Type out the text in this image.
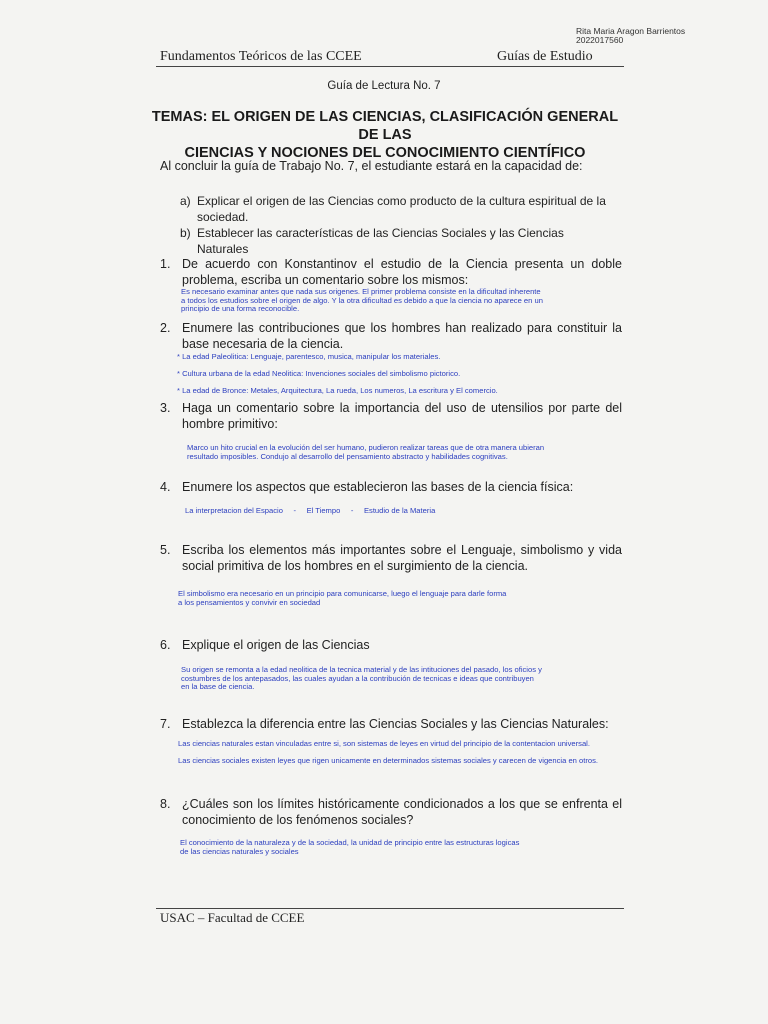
Rita Maria Aragon Barrientos
2022017560
Fundamentos Teóricos de las CCEE	Guías de Estudio
Guía de Lectura No. 7
TEMAS: EL ORIGEN DE LAS CIENCIAS, CLASIFICACIÓN GENERAL DE LAS
CIENCIAS Y NOCIONES DEL CONOCIMIENTO CIENTÍFICO
Al concluir la guía de Trabajo No. 7, el estudiante estará en la capacidad de:
a) Explicar el origen de las Ciencias como producto de la cultura espiritual de la sociedad.
b) Establecer las características de las Ciencias Sociales y las Ciencias Naturales
1. De acuerdo con Konstantinov el estudio de la Ciencia presenta un doble problema, escriba un comentario sobre los mismos:
Es necesario examinar antes que nada sus origenes. El primer problema consiste en la dificultad inherente
a todos los estudios sobre el origen de algo. Y la otra dificultad es debido a que la ciencia no aparece en un
principio de una forma reconocible.
2. Enumere las contribuciones que los hombres han realizado para constituir la base necesaria de la ciencia.
* La edad Paleolitica: Lenguaje, parentesco, musica, manipular los materiales.
* Cultura urbana de la edad Neolitica: Invenciones sociales del simbolismo pictorico.
* La edad de Bronce: Metales, Arquitectura, La rueda, Los numeros, La escritura y El comercio.
3. Haga un comentario sobre la importancia del uso de utensilios por parte del hombre primitivo:
Marco un hito crucial en la evolución del ser humano, pudieron realizar tareas que de otra manera ubieran
resultado imposibles. Condujo al desarrollo del pensamiento abstracto y habilidades cognitivas.
4. Enumere los aspectos que establecieron las bases de la ciencia física:
La interpretacion del Espacio     -     El Tiempo     -     Estudio de la Materia
5. Escriba los elementos más importantes sobre el Lenguaje, simbolismo y vida social primitiva de los hombres en el surgimiento de la ciencia.
El simbolismo era necesario en un principio para comunicarse, luego el lenguaje para darle forma
a los pensamientos y convivir en sociedad
6. Explique el origen de las Ciencias
Su origen se remonta a la edad neolitica de la tecnica material y de las intituciones del pasado, los oficios y
costumbres de los antepasados, las cuales ayudan a la contribución de tecnicas e ideas que contribuyen
en la base de ciencia.
7. Establezca la diferencia entre las Ciencias Sociales y las Ciencias Naturales:
Las ciencias naturales estan vinculadas entre si, son sistemas de leyes en virtud del principio de la contentacion universal.
Las ciencias sociales existen leyes que rigen unicamente en determinados sistemas sociales y carecen de vigencia en otros.
8. ¿Cuáles son los límites históricamente condicionados a los que se enfrenta el conocimiento de los fenómenos sociales?
El conocimiento de la naturaleza y de la sociedad, la unidad de principio entre las estructuras logicas
de las ciencias naturales y sociales
USAC – Facultad de CCEE
